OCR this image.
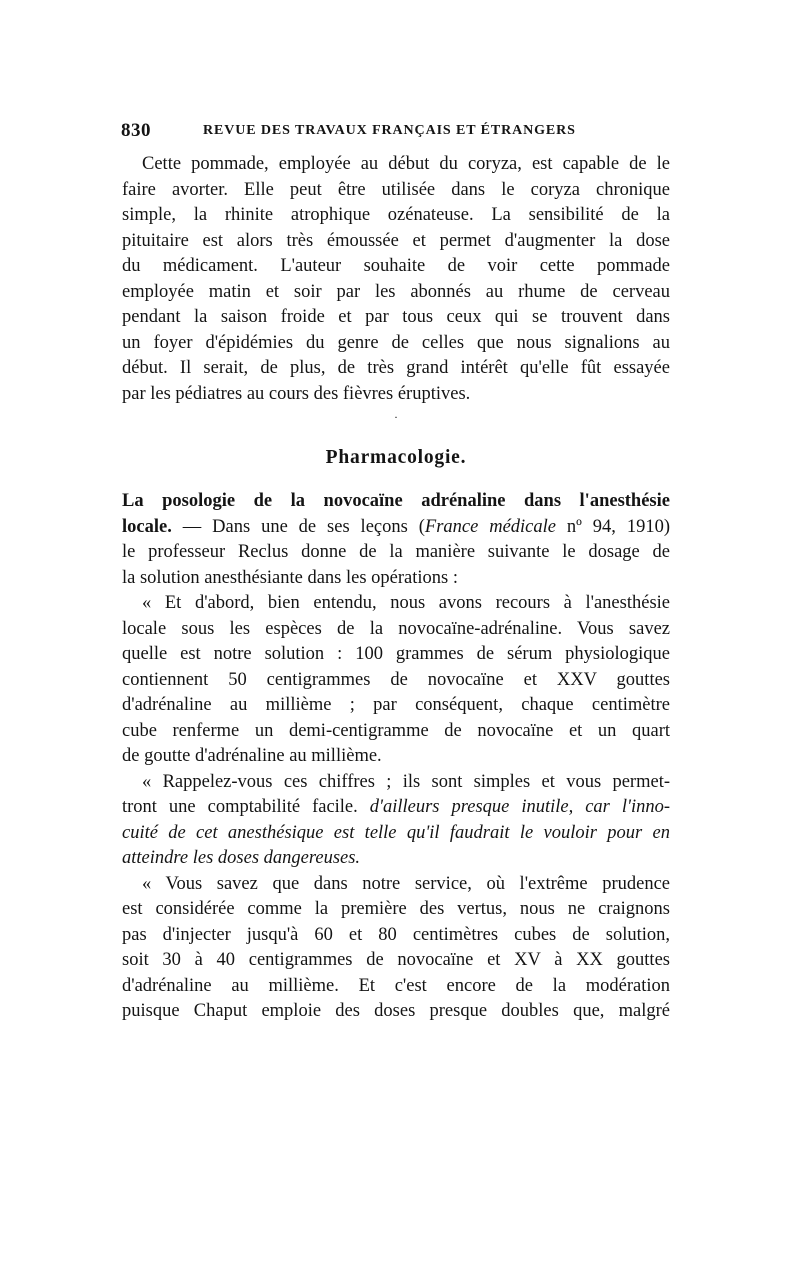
830	REVUE DES TRAVAUX FRANÇAIS ET ÉTRANGERS
Cette pommade, employée au début du coryza, est capable de le
faire avorter. Elle peut être utilisée dans le coryza chronique
simple, la rhinite atrophique ozénateuse. La sensibilité de la
pituitaire est alors très émoussée et permet d'augmenter la dose
du médicament. L'auteur souhaite de voir cette pommade
employée matin et soir par les abonnés au rhume de cerveau
pendant la saison froide et par tous ceux qui se trouvent dans
un foyer d'épidémies du genre de celles que nous signalions au
début. Il serait, de plus, de très grand intérêt qu'elle fût essayée
par les pédiatres au cours des fièvres éruptives.
·
Pharmacologie.
La posologie de la novocaïne adrénaline dans l'anesthésie
locale. — Dans une de ses leçons (France médicale nº 94, 1910)
le professeur Reclus donne de la manière suivante le dosage de
la solution anesthésiante dans les opérations :
« Et d'abord, bien entendu, nous avons recours à l'anesthésie
locale sous les espèces de la novocaïne-adrénaline. Vous savez
quelle est notre solution : 100 grammes de sérum physiologique
contiennent 50 centigrammes de novocaïne et XXV gouttes
d'adrénaline au millième ; par conséquent, chaque centimètre
cube renferme un demi-centigramme de novocaïne et un quart
de goutte d'adrénaline au millième.
« Rappelez-vous ces chiffres ; ils sont simples et vous permet-
tront une comptabilité facile. d'ailleurs presque inutile, car l'inno-
cuité de cet anesthésique est telle qu'il faudrait le vouloir pour en
atteindre les doses dangereuses.
« Vous savez que dans notre service, où l'extrême prudence
est considérée comme la première des vertus, nous ne craignons
pas d'injecter jusqu'à 60 et 80 centimètres cubes de solution,
soit 30 à 40 centigrammes de novocaïne et XV à XX gouttes
d'adrénaline au millième. Et c'est encore de la modération
puisque Chaput emploie des doses presque doubles que, malgré
